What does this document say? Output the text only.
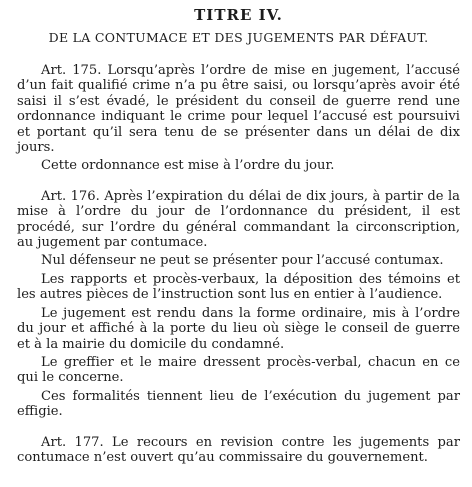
TITRE IV.
DE LA CONTUMACE ET DES JUGEMENTS PAR DÉFAUT.

Art. 175. Lorsqu’après l’ordre de mise en jugement, l’accusé d’un fait qualifié crime n’a pu être saisi, ou lorsqu’après avoir été saisi il s’est évadé, le président du conseil de guerre rend une ordonnance indiquant le crime pour lequel l’accusé est poursuivi et portant qu’il sera tenu de se présenter dans un délai de dix jours.

Cette ordonnance est mise à l’ordre du jour.

Art. 176. Après l’expiration du délai de dix jours, à partir de la mise à l’ordre du jour de l’ordonnance du président, il est procédé, sur l’ordre du général commandant la circonscription, au jugement par contumace.

Nul défenseur ne peut se présenter pour l’accusé contumax.

Les rapports et procès-verbaux, la déposition des témoins et les autres pièces de l’instruction sont lus en entier à l’audience.

Le jugement est rendu dans la forme ordinaire, mis à l’ordre du jour et affiché à la porte du lieu où siège le conseil de guerre et à la mairie du domicile du condamné.

Le greffier et le maire dressent procès-verbal, chacun en ce qui le concerne.

Ces formalités tiennent lieu de l’exécution du jugement par effigie.

Art. 177. Le recours en revision contre les jugements par contumace n’est ouvert qu’au commissaire du gouvernement.
